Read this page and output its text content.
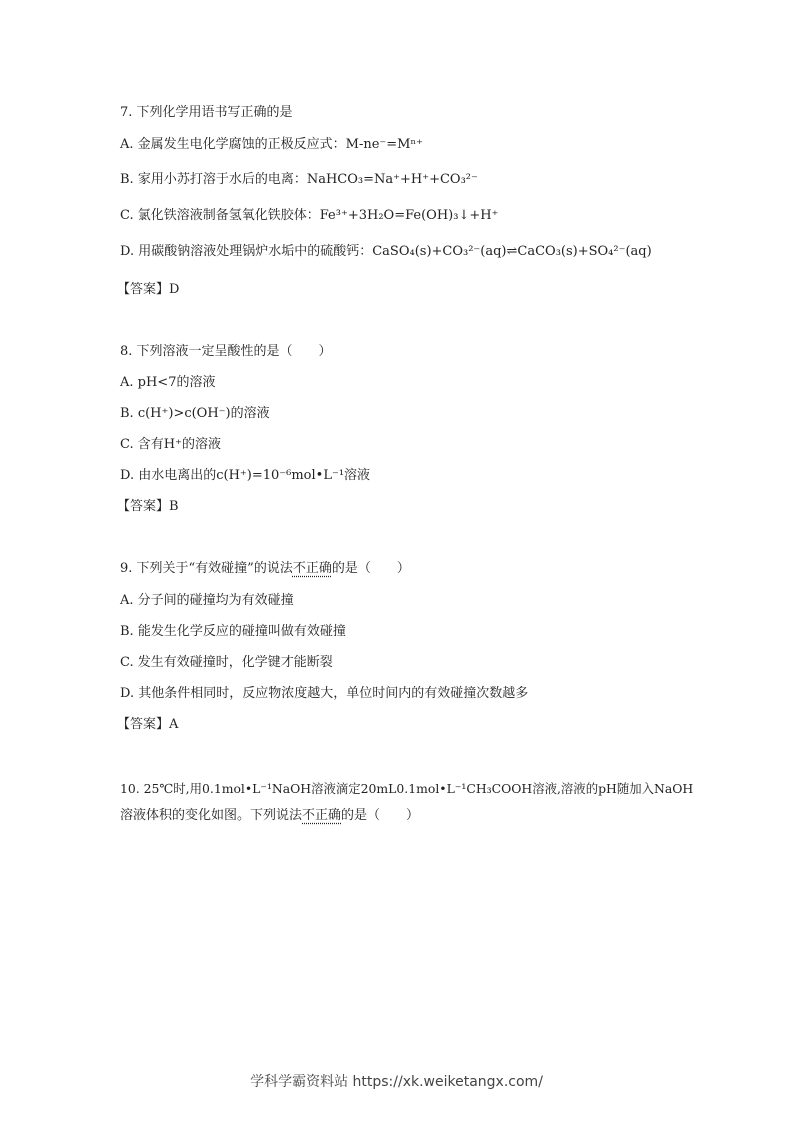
7. 下列化学用语书写正确的是
A. 金属发生电化学腐蚀的正极反应式：M-ne⁻=Mⁿ⁺
B. 家用小苏打溶于水后的电离：NaHCO₃=Na⁺+H⁺+CO₃²⁻
C. 氯化铁溶液制备氢氧化铁胶体：Fe³⁺+3H₂O=Fe(OH)₃↓+H⁺
D. 用碳酸钠溶液处理锅炉水垢中的硫酸钙：CaSO₄(s)+CO₃²⁻(aq)⇌CaCO₃(s)+SO₄²⁻(aq)
【答案】D
8. 下列溶液一定呈酸性的是（　　）
A. pH<7的溶液
B. c(H⁺)>c(OH⁻)的溶液
C. 含有H⁺的溶液
D. 由水电离出的c(H⁺)=10⁻⁶mol•L⁻¹溶液
【答案】B
9. 下列关于“有效碰撞”的说法不正确的是（　　）
A. 分子间的碰撞均为有效碰撞
B. 能发生化学反应的碰撞叫做有效碰撞
C. 发生有效碰撞时，化学键才能断裂
D. 其他条件相同时，反应物浓度越大，单位时间内的有效碰撞次数越多
【答案】A
10. 25℃时,用0.1mol•L⁻¹NaOH溶液滴定20mL0.1mol•L⁻¹CH₃COOH溶液,溶液的pH随加入NaOH
溶液体积的变化如图。下列说法不正确的是（　　）
学科学霸资料站 https://xk.weiketangx.com/
